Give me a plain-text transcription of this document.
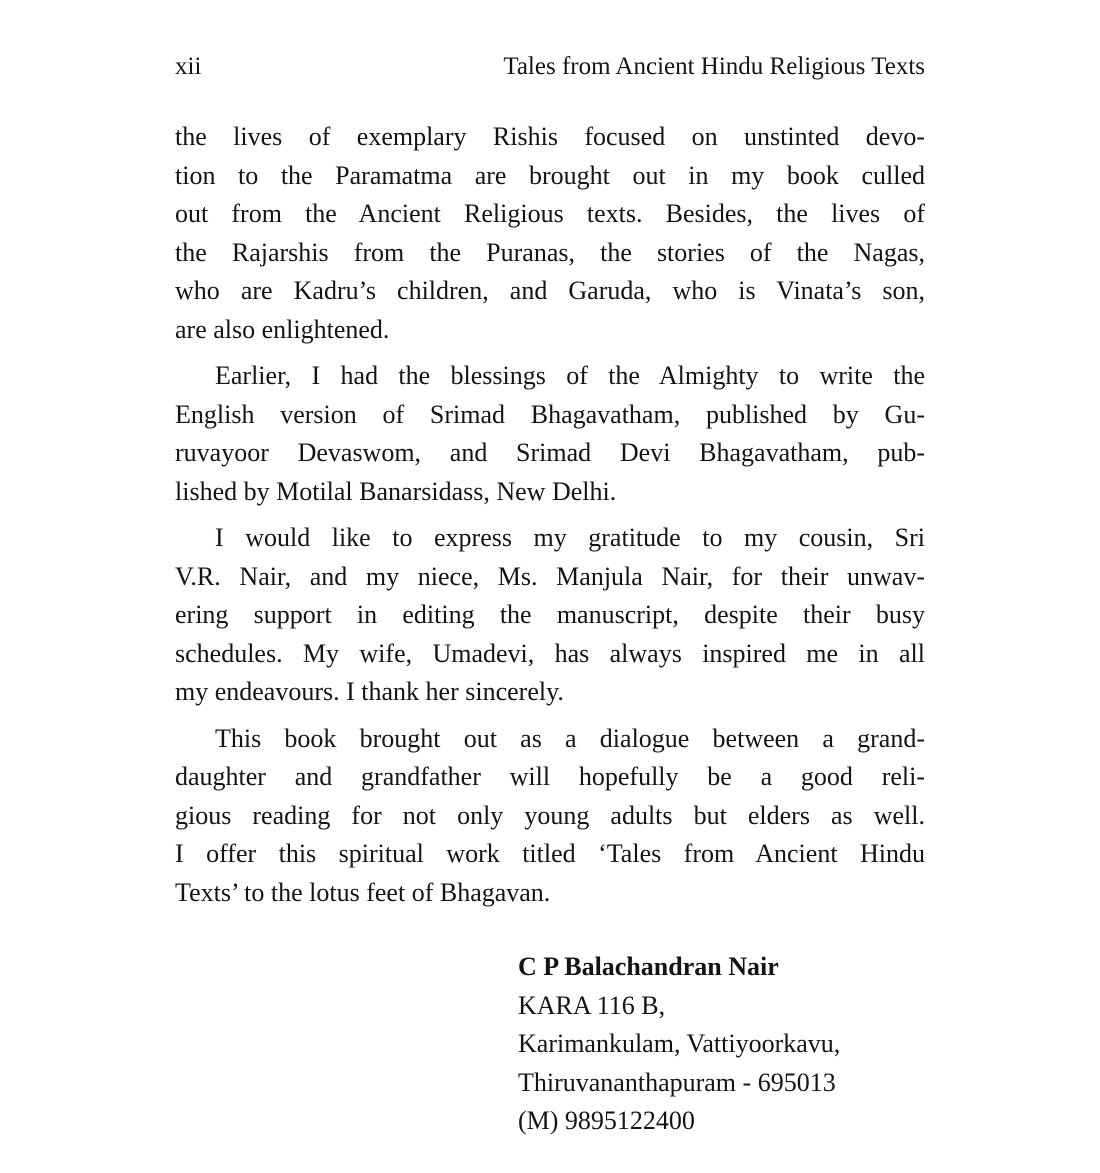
xii	Tales from Ancient Hindu Religious Texts
the lives of exemplary Rishis focused on unstinted devo-
tion to the Paramatma are brought out in my book culled
out from the Ancient Religious texts. Besides, the lives of
the Rajarshis from the Puranas, the stories of the Nagas,
who are Kadru’s children, and Garuda, who is Vinata’s son,
are also enlightened.
Earlier, I had the blessings of the Almighty to write the
English version of Srimad Bhagavatham, published by Gu-
ruvayoor Devaswom, and Srimad Devi Bhagavatham, pub-
lished by Motilal Banarsidass, New Delhi.
I would like to express my gratitude to my cousin, Sri
V.R. Nair, and my niece, Ms. Manjula Nair, for their unwav-
ering support in editing the manuscript, despite their busy
schedules. My wife, Umadevi, has always inspired me in all
my endeavours. I thank her sincerely.
This book brought out as a dialogue between a grand-
daughter and grandfather will hopefully be a good reli-
gious reading for not only young adults but elders as well.
I offer this spiritual work titled ‘Tales from Ancient Hindu
Texts’ to the lotus feet of Bhagavan.
C P Balachandran Nair
KARA 116 B,
Karimankulam, Vattiyoorkavu,
Thiruvananthapuram - 695013
(M) 9895122400
